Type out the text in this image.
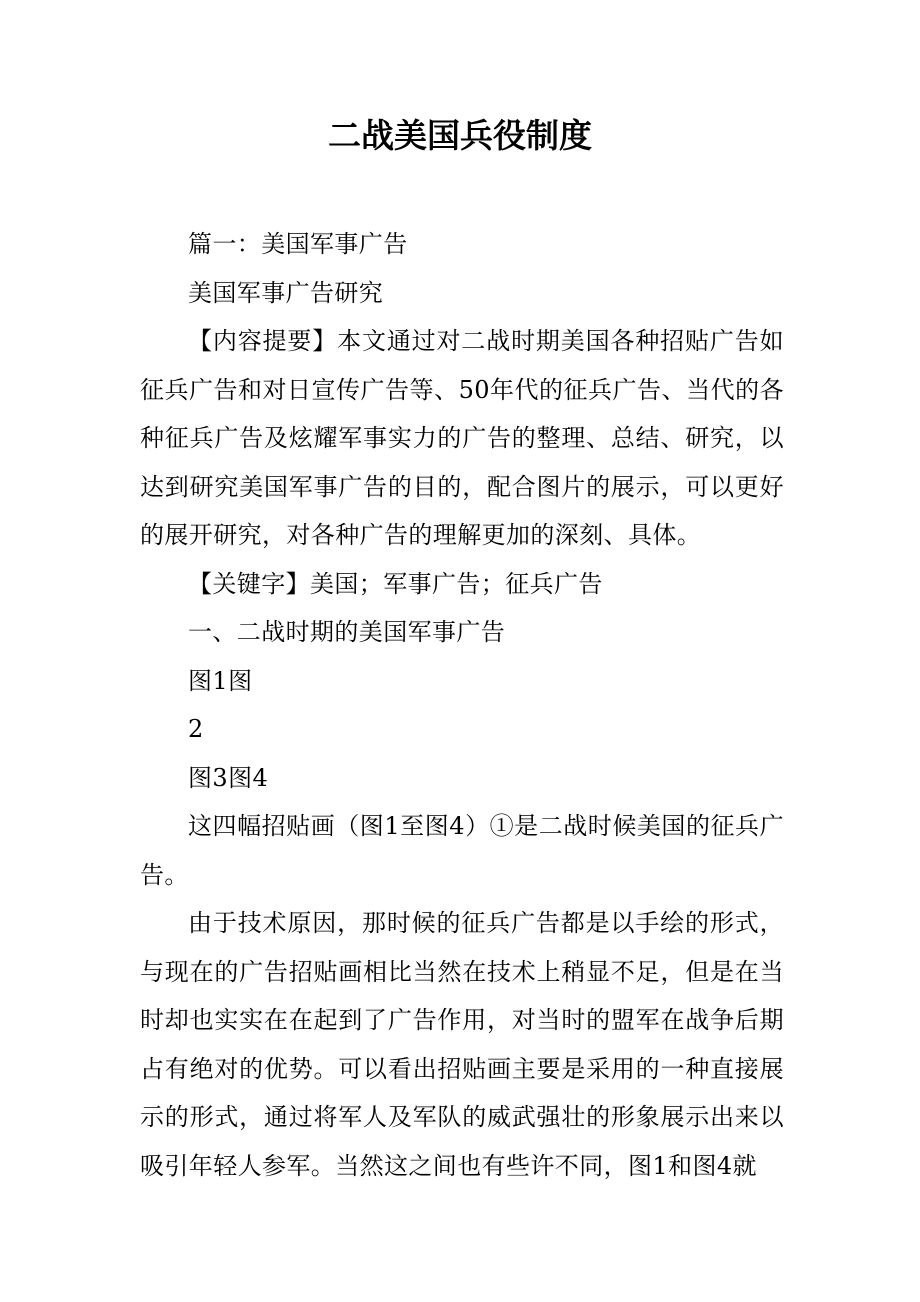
二战美国兵役制度

篇一：美国军事广告

美国军事广告研究

【内容提要】本文通过对二战时期美国各种招贴广告如征兵广告和对日宣传广告等、50年代的征兵广告、当代的各种征兵广告及炫耀军事实力的广告的整理、总结、研究，以达到研究美国军事广告的目的，配合图片的展示，可以更好的展开研究，对各种广告的理解更加的深刻、具体。

【关键字】美国；军事广告；征兵广告

一、二战时期的美国军事广告

图1图

2

图3图4

这四幅招贴画（图1至图4）①是二战时候美国的征兵广告。

由于技术原因，那时候的征兵广告都是以手绘的形式，与现在的广告招贴画相比当然在技术上稍显不足，但是在当时却也实实在在起到了广告作用，对当时的盟军在战争后期占有绝对的优势。可以看出招贴画主要是采用的一种直接展示的形式，通过将军人及军队的威武强壮的形象展示出来以吸引年轻人参军。当然这之间也有些许不同，图1和图4就
